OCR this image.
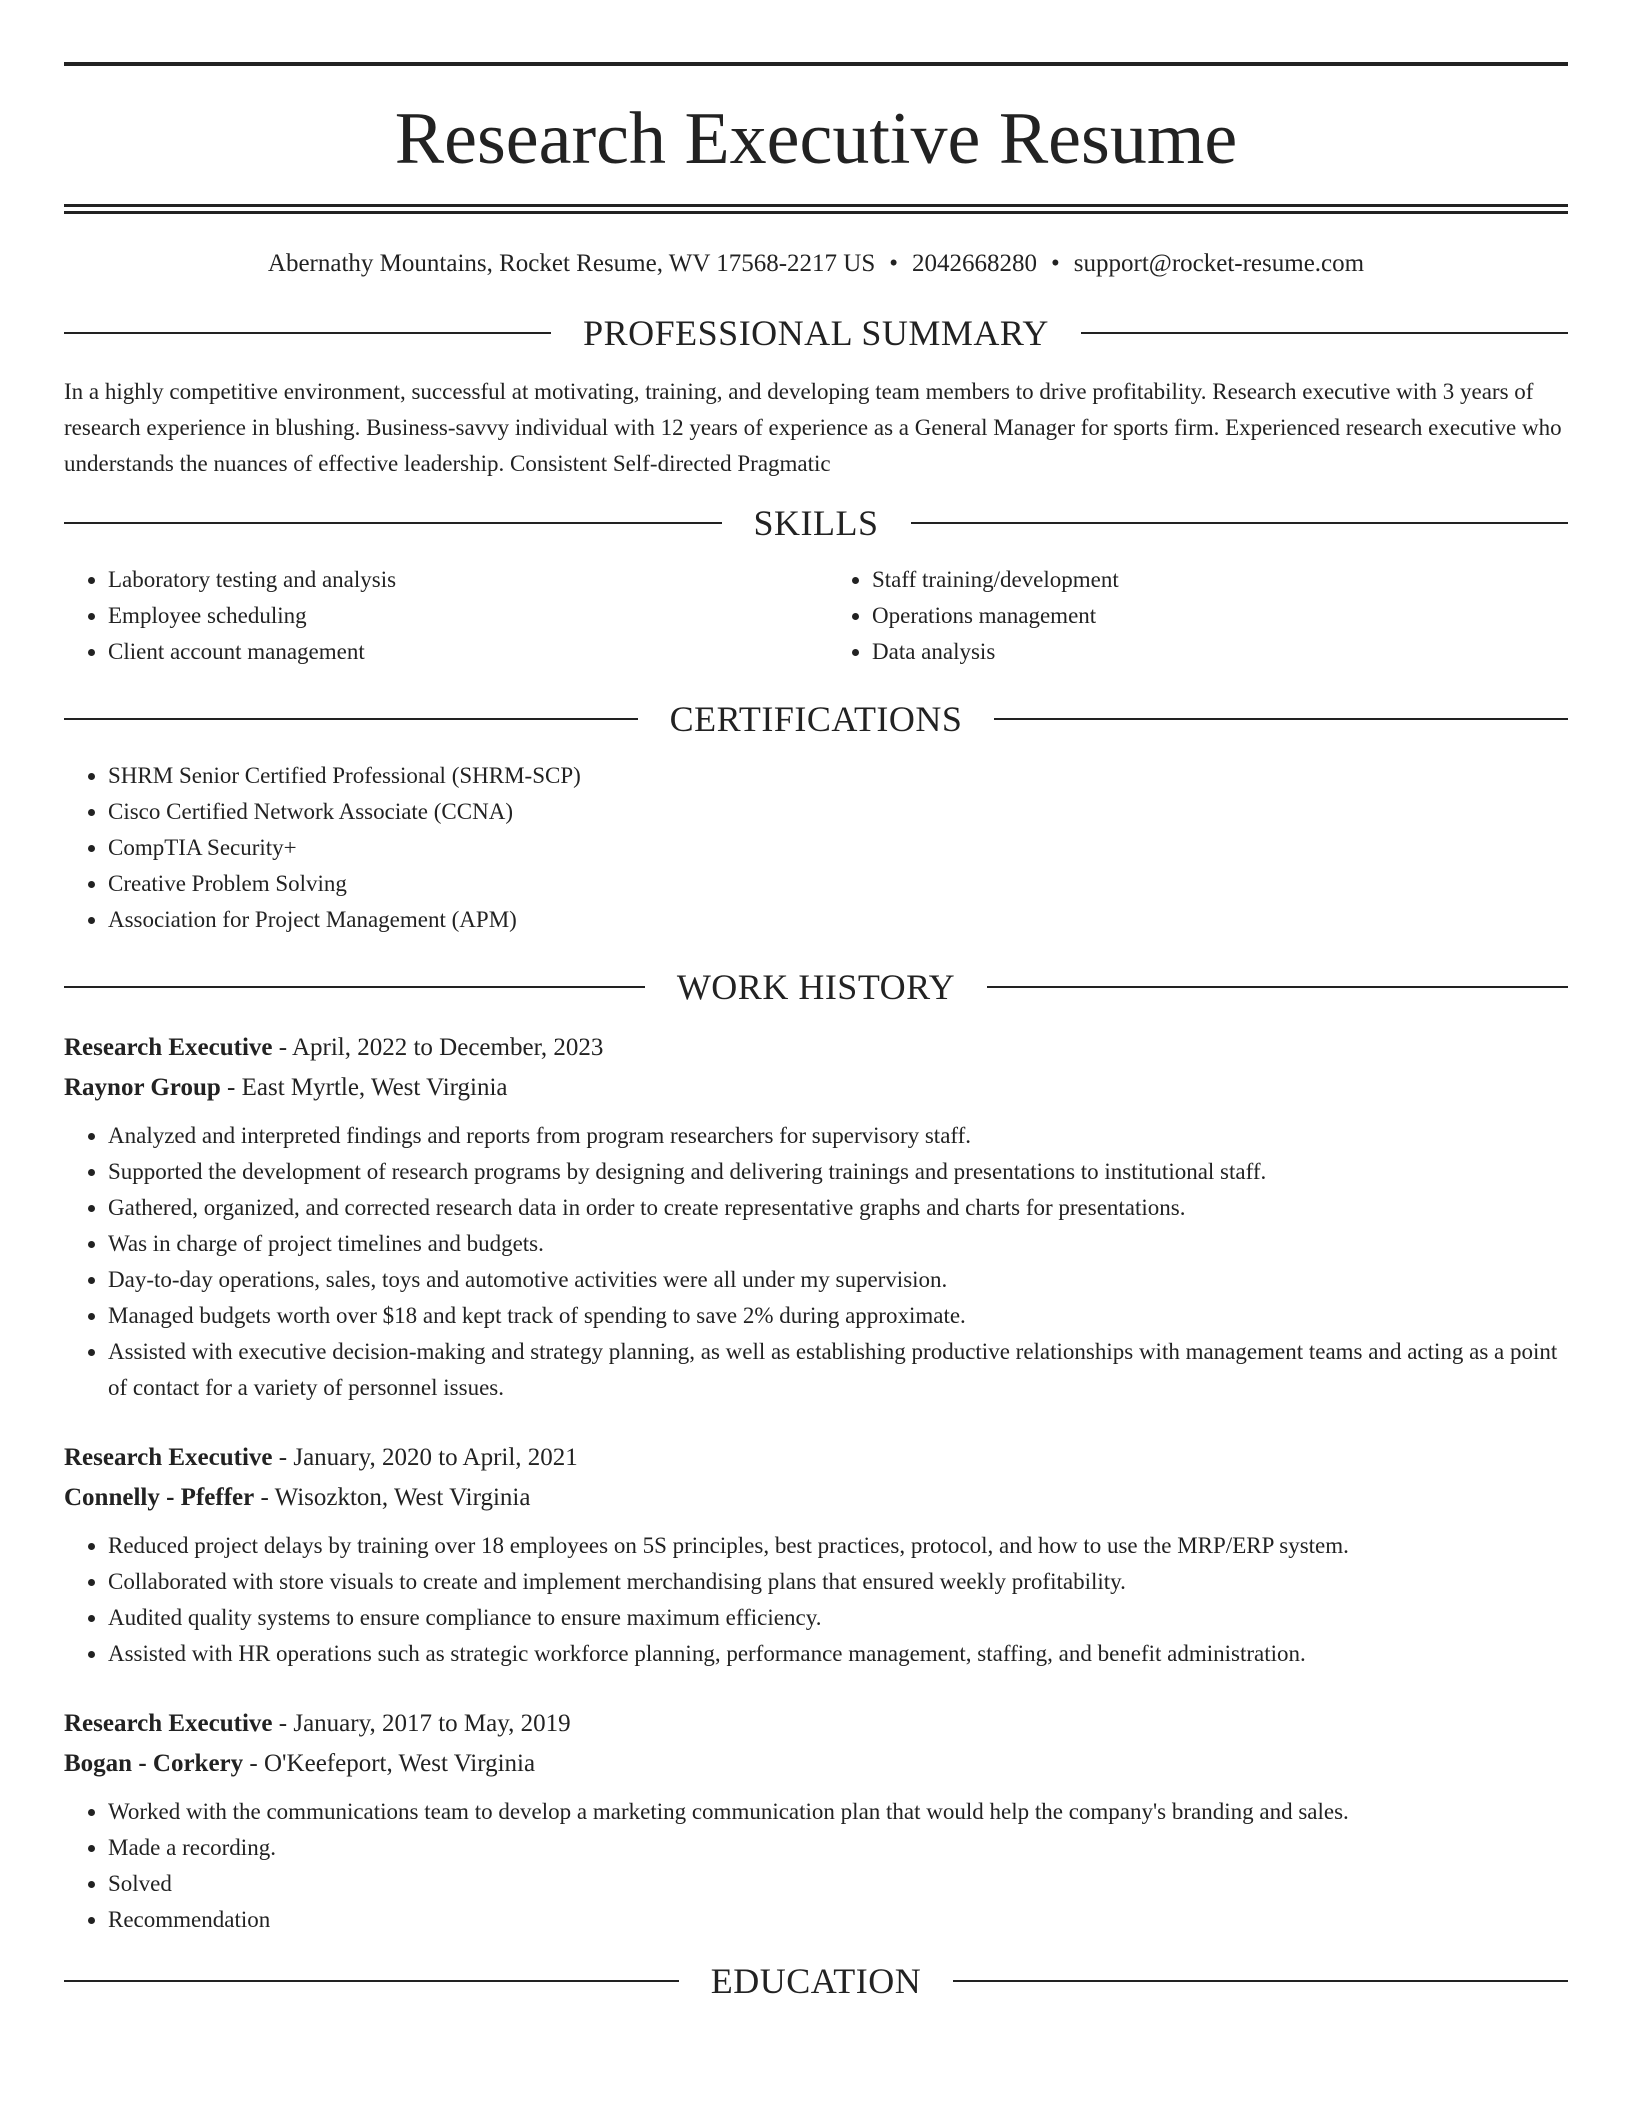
Research Executive Resume
Abernathy Mountains, Rocket Resume, WV 17568-2217 US • 2042668280 • support@rocket-resume.com
PROFESSIONAL SUMMARY

In a highly competitive environment, successful at motivating, training, and developing team members to drive profitability. Research executive with 3 years of research experience in blushing. Business-savvy individual with 12 years of experience as a General Manager for sports firm. Experienced research executive who understands the nuances of effective leadership. Consistent Self-directed Pragmatic

SKILLS
• Laboratory testing and analysis
• Employee scheduling
• Client account management
• Staff training/development
• Operations management
• Data analysis
CERTIFICATIONS
• SHRM Senior Certified Professional (SHRM-SCP)
• Cisco Certified Network Associate (CCNA)
• CompTIA Security+
• Creative Problem Solving
• Association for Project Management (APM)
WORK HISTORY
Research Executive - April, 2022 to December, 2023
Raynor Group - East Myrtle, West Virginia
• Analyzed and interpreted findings and reports from program researchers for supervisory staff.
• Supported the development of research programs by designing and delivering trainings and presentations to institutional staff.
• Gathered, organized, and corrected research data in order to create representative graphs and charts for presentations.
• Was in charge of project timelines and budgets.
• Day-to-day operations, sales, toys and automotive activities were all under my supervision.
• Managed budgets worth over $18 and kept track of spending to save 2% during approximate.
• Assisted with executive decision-making and strategy planning, as well as establishing productive relationships with management teams and acting as a point of contact for a variety of personnel issues.
Research Executive - January, 2020 to April, 2021
Connelly - Pfeffer - Wisozkton, West Virginia
• Reduced project delays by training over 18 employees on 5S principles, best practices, protocol, and how to use the MRP/ERP system.
• Collaborated with store visuals to create and implement merchandising plans that ensured weekly profitability.
• Audited quality systems to ensure compliance to ensure maximum efficiency.
• Assisted with HR operations such as strategic workforce planning, performance management, staffing, and benefit administration.
Research Executive - January, 2017 to May, 2019
Bogan - Corkery - O'Keefeport, West Virginia
• Worked with the communications team to develop a marketing communication plan that would help the company's branding and sales.
• Made a recording.
• Solved
• Recommendation
EDUCATION
